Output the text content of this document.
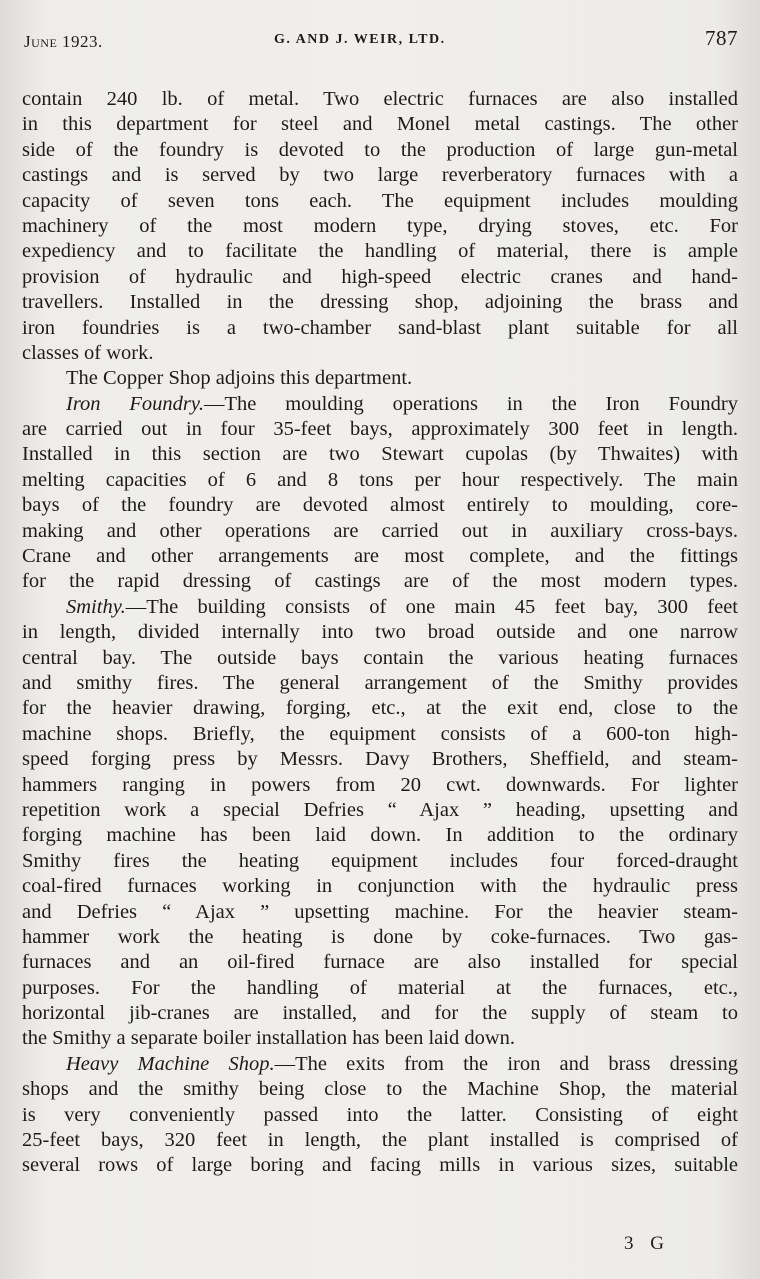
June 1923.	G. AND J. WEIR, LTD.	787
contain 240 lb. of metal. Two electric furnaces are also installed
in this department for steel and Monel metal castings. The other
side of the foundry is devoted to the production of large gun-metal
castings and is served by two large reverberatory furnaces with a
capacity of seven tons each. The equipment includes moulding
machinery of the most modern type, drying stoves, etc. For
expediency and to facilitate the handling of material, there is ample
provision of hydraulic and high-speed electric cranes and hand-
travellers. Installed in the dressing shop, adjoining the brass and
iron foundries is a two-chamber sand-blast plant suitable for all
classes of work.
The Copper Shop adjoins this department.
Iron Foundry.—The moulding operations in the Iron Foundry
are carried out in four 35-feet bays, approximately 300 feet in length.
Installed in this section are two Stewart cupolas (by Thwaites) with
melting capacities of 6 and 8 tons per hour respectively. The main
bays of the foundry are devoted almost entirely to moulding, core-
making and other operations are carried out in auxiliary cross-bays.
Crane and other arrangements are most complete, and the fittings
for the rapid dressing of castings are of the most modern types.
Smithy.—The building consists of one main 45 feet bay, 300 feet
in length, divided internally into two broad outside and one narrow
central bay. The outside bays contain the various heating furnaces
and smithy fires. The general arrangement of the Smithy provides
for the heavier drawing, forging, etc., at the exit end, close to the
machine shops. Briefly, the equipment consists of a 600-ton high-
speed forging press by Messrs. Davy Brothers, Sheffield, and steam-
hammers ranging in powers from 20 cwt. downwards. For lighter
repetition work a special Defries “ Ajax ” heading, upsetting and
forging machine has been laid down. In addition to the ordinary
Smithy fires the heating equipment includes four forced-draught
coal-fired furnaces working in conjunction with the hydraulic press
and Defries “ Ajax ” upsetting machine. For the heavier steam-
hammer work the heating is done by coke-furnaces. Two gas-
furnaces and an oil-fired furnace are also installed for special
purposes. For the handling of material at the furnaces, etc.,
horizontal jib-cranes are installed, and for the supply of steam to
the Smithy a separate boiler installation has been laid down.
Heavy Machine Shop.—The exits from the iron and brass dressing
shops and the smithy being close to the Machine Shop, the material
is very conveniently passed into the latter. Consisting of eight
25-feet bays, 320 feet in length, the plant installed is comprised of
several rows of large boring and facing mills in various sizes, suitable
3 G
